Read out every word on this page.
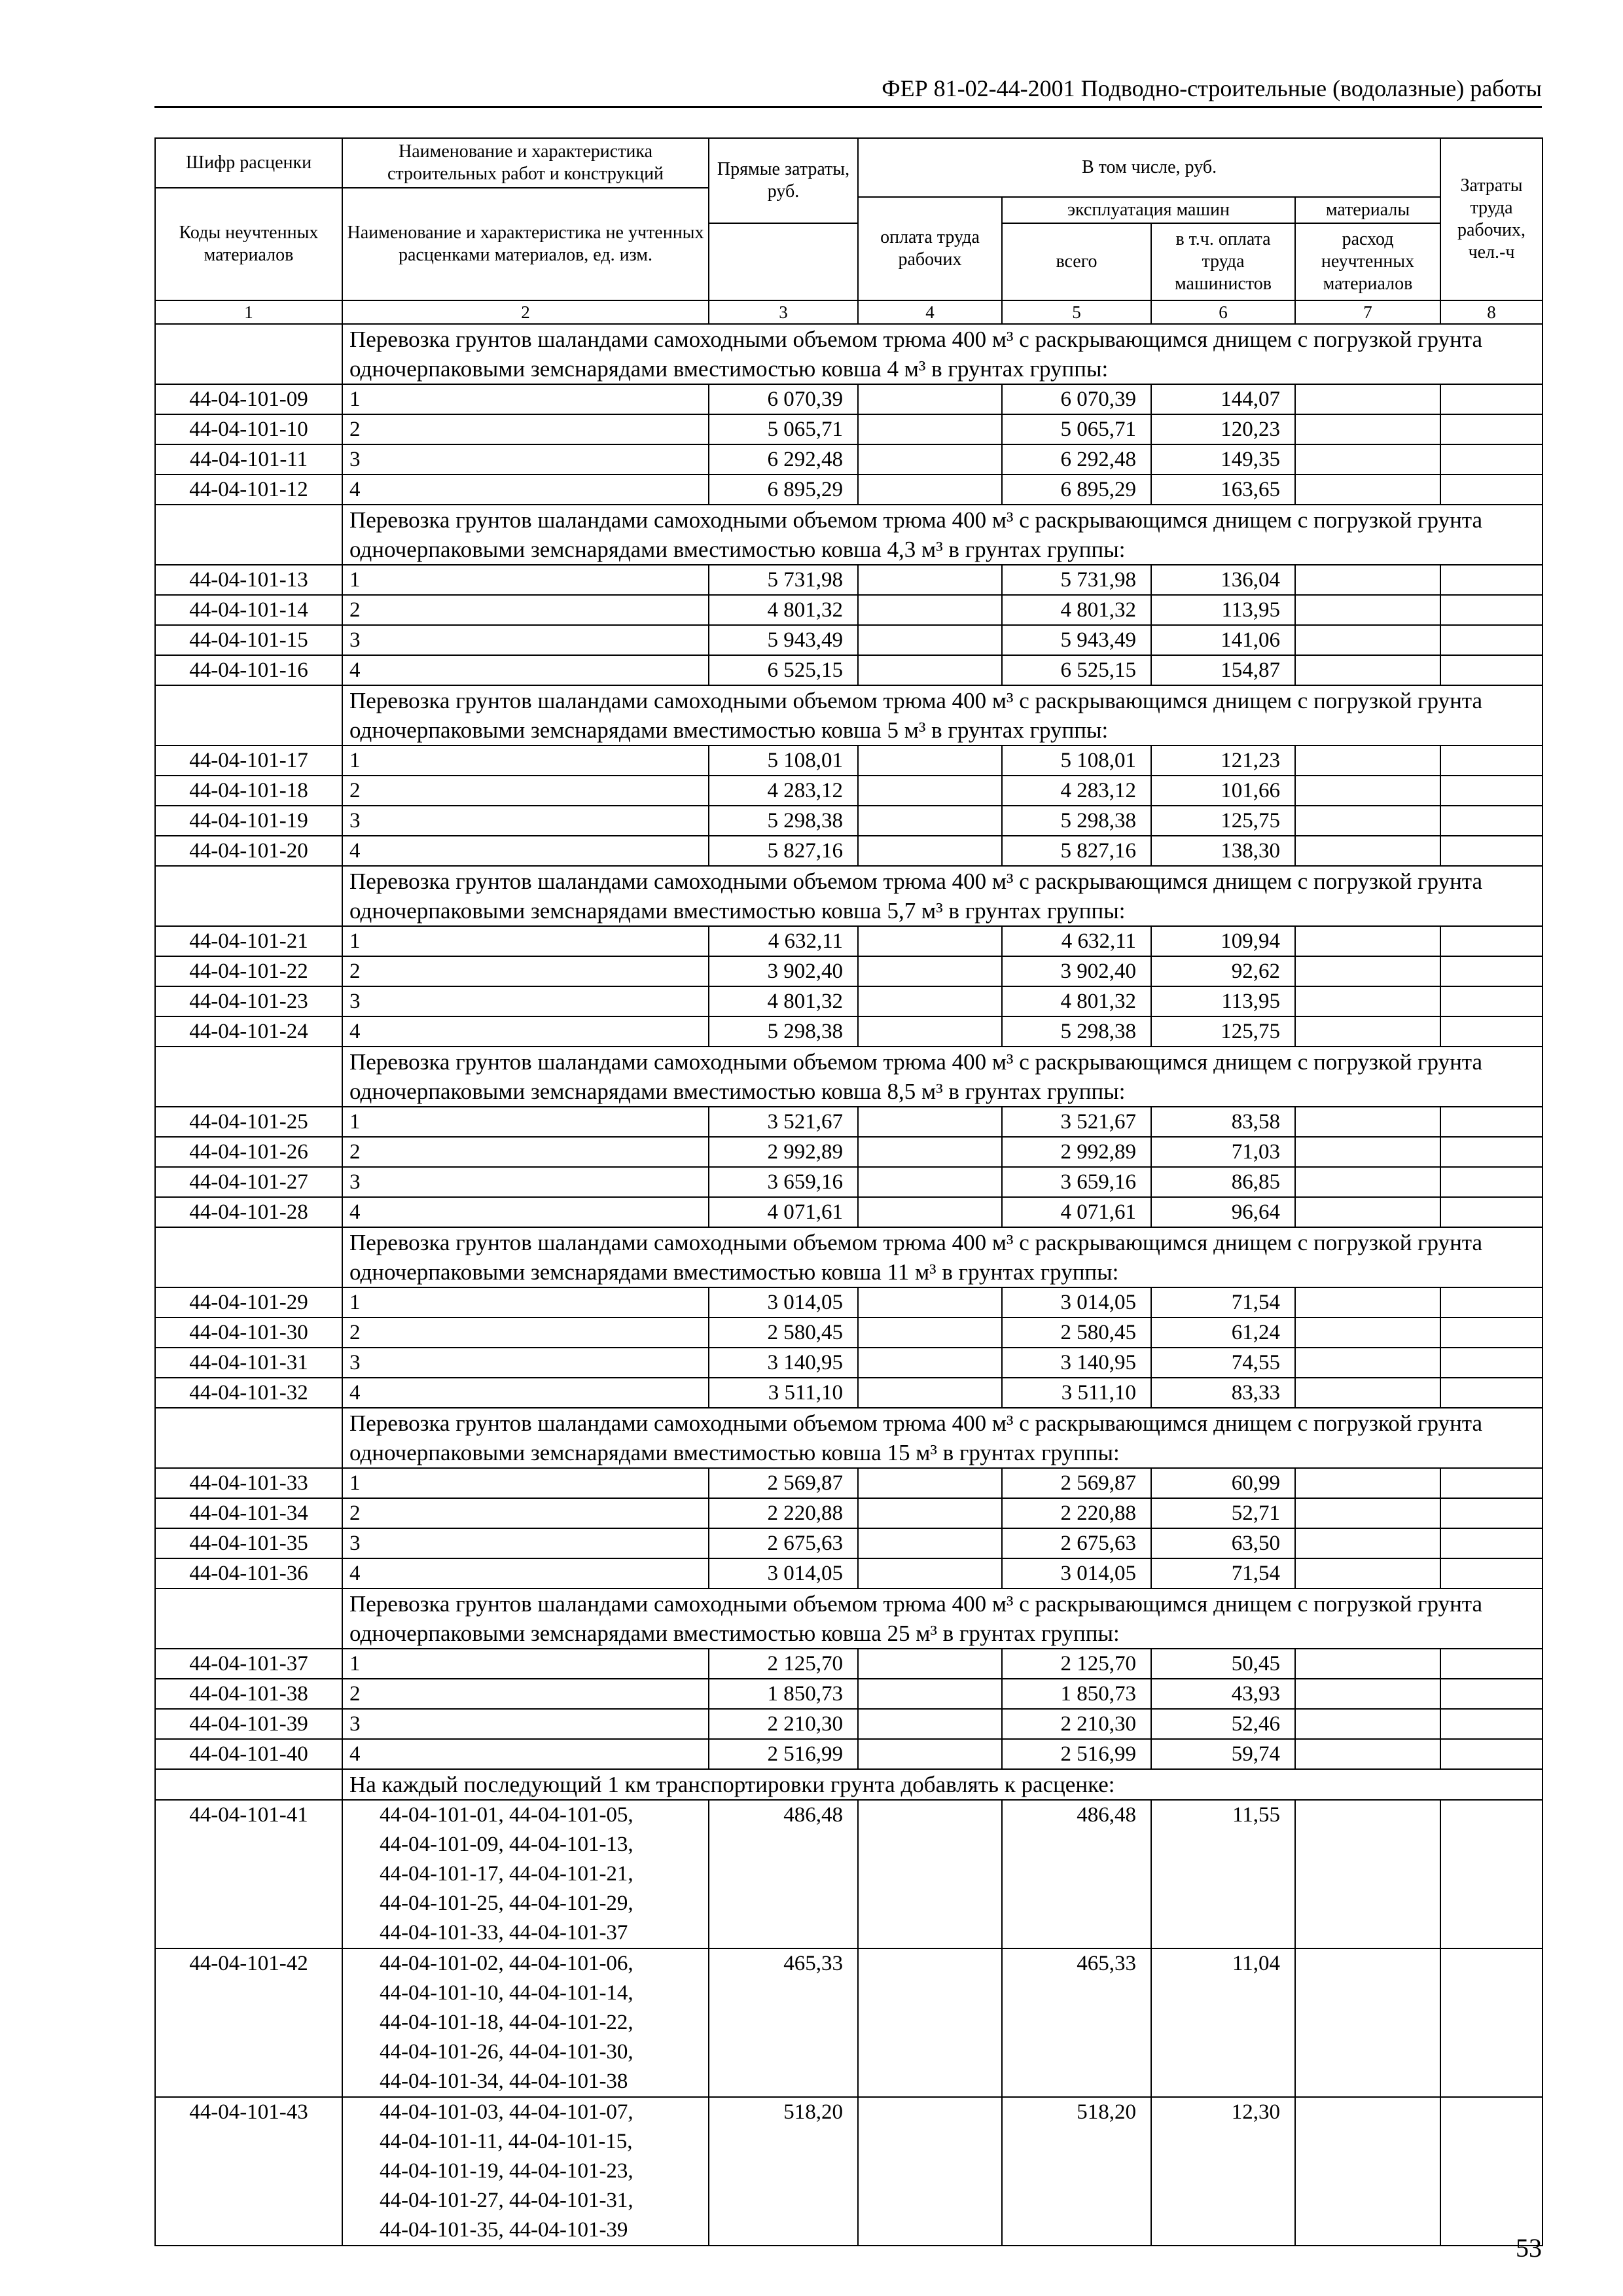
ФЕР 81-02-44-2001 Подводно-строительные (водолазные) работы
Шифр расценки	Наименование и характеристика строительных работ и конструкций	Прямые затраты, руб.	В том числе, руб.				Затраты труда рабочих, чел.-ч
Коды неучтенных материалов	Наименование и характеристика не учтенных расценками материалов, ед. изм.						
			оплата труда рабочих	эксплуатация машин		материалы	
				всего	в т.ч. оплата труда машинистов	расход неучтенных материалов	
1	2	3	4	5	6	7	8
	Перевозка грунтов шаландами самоходными объемом трюма 400 м³ с раскрывающимся днищем с погрузкой грунта одночерпаковыми земснарядами вместимостью ковша 4 м³ в грунтах группы:						
44-04-101-09	1	6 070,39		6 070,39	144,07		
44-04-101-10	2	5 065,71		5 065,71	120,23		
44-04-101-11	3	6 292,48		6 292,48	149,35		
44-04-101-12	4	6 895,29		6 895,29	163,65		
	Перевозка грунтов шаландами самоходными объемом трюма 400 м³ с раскрывающимся днищем с погрузкой грунта одночерпаковыми земснарядами вместимостью ковша 4,3 м³ в грунтах группы:						
44-04-101-13	1	5 731,98		5 731,98	136,04		
44-04-101-14	2	4 801,32		4 801,32	113,95		
44-04-101-15	3	5 943,49		5 943,49	141,06		
44-04-101-16	4	6 525,15		6 525,15	154,87		
	Перевозка грунтов шаландами самоходными объемом трюма 400 м³ с раскрывающимся днищем с погрузкой грунта одночерпаковыми земснарядами вместимостью ковша 5 м³ в грунтах группы:						
44-04-101-17	1	5 108,01		5 108,01	121,23		
44-04-101-18	2	4 283,12		4 283,12	101,66		
44-04-101-19	3	5 298,38		5 298,38	125,75		
44-04-101-20	4	5 827,16		5 827,16	138,30		
	Перевозка грунтов шаландами самоходными объемом трюма 400 м³ с раскрывающимся днищем с погрузкой грунта одночерпаковыми земснарядами вместимостью ковша 5,7 м³ в грунтах группы:						
44-04-101-21	1	4 632,11		4 632,11	109,94		
44-04-101-22	2	3 902,40		3 902,40	92,62		
44-04-101-23	3	4 801,32		4 801,32	113,95		
44-04-101-24	4	5 298,38		5 298,38	125,75		
	Перевозка грунтов шаландами самоходными объемом трюма 400 м³ с раскрывающимся днищем с погрузкой грунта одночерпаковыми земснарядами вместимостью ковша 8,5 м³ в грунтах группы:						
44-04-101-25	1	3 521,67		3 521,67	83,58		
44-04-101-26	2	2 992,89		2 992,89	71,03		
44-04-101-27	3	3 659,16		3 659,16	86,85		
44-04-101-28	4	4 071,61		4 071,61	96,64		
	Перевозка грунтов шаландами самоходными объемом трюма 400 м³ с раскрывающимся днищем с погрузкой грунта одночерпаковыми земснарядами вместимостью ковша 11 м³ в грунтах группы:						
44-04-101-29	1	3 014,05		3 014,05	71,54		
44-04-101-30	2	2 580,45		2 580,45	61,24		
44-04-101-31	3	3 140,95		3 140,95	74,55		
44-04-101-32	4	3 511,10		3 511,10	83,33		
	Перевозка грунтов шаландами самоходными объемом трюма 400 м³ с раскрывающимся днищем с погрузкой грунта одночерпаковыми земснарядами вместимостью ковша 15 м³ в грунтах группы:						
44-04-101-33	1	2 569,87		2 569,87	60,99		
44-04-101-34	2	2 220,88		2 220,88	52,71		
44-04-101-35	3	2 675,63		2 675,63	63,50		
44-04-101-36	4	3 014,05		3 014,05	71,54		
	Перевозка грунтов шаландами самоходными объемом трюма 400 м³ с раскрывающимся днищем с погрузкой грунта одночерпаковыми земснарядами вместимостью ковша 25 м³ в грунтах группы:						
44-04-101-37	1	2 125,70		2 125,70	50,45		
44-04-101-38	2	1 850,73		1 850,73	43,93		
44-04-101-39	3	2 210,30		2 210,30	52,46		
44-04-101-40	4	2 516,99		2 516,99	59,74		
	На каждый последующий 1 км транспортировки грунта добавлять к расценке:						
44-04-101-41	44-04-101-01, 44-04-101-05,
44-04-101-09, 44-04-101-13,
44-04-101-17, 44-04-101-21,
44-04-101-25, 44-04-101-29,
44-04-101-33, 44-04-101-37	486,48		486,48	11,55		
44-04-101-42	44-04-101-02, 44-04-101-06,
44-04-101-10, 44-04-101-14,
44-04-101-18, 44-04-101-22,
44-04-101-26, 44-04-101-30,
44-04-101-34, 44-04-101-38	465,33		465,33	11,04		
44-04-101-43	44-04-101-03, 44-04-101-07,
44-04-101-11, 44-04-101-15,
44-04-101-19, 44-04-101-23,
44-04-101-27, 44-04-101-31,
44-04-101-35, 44-04-101-39	518,20		518,20	12,30		
53
